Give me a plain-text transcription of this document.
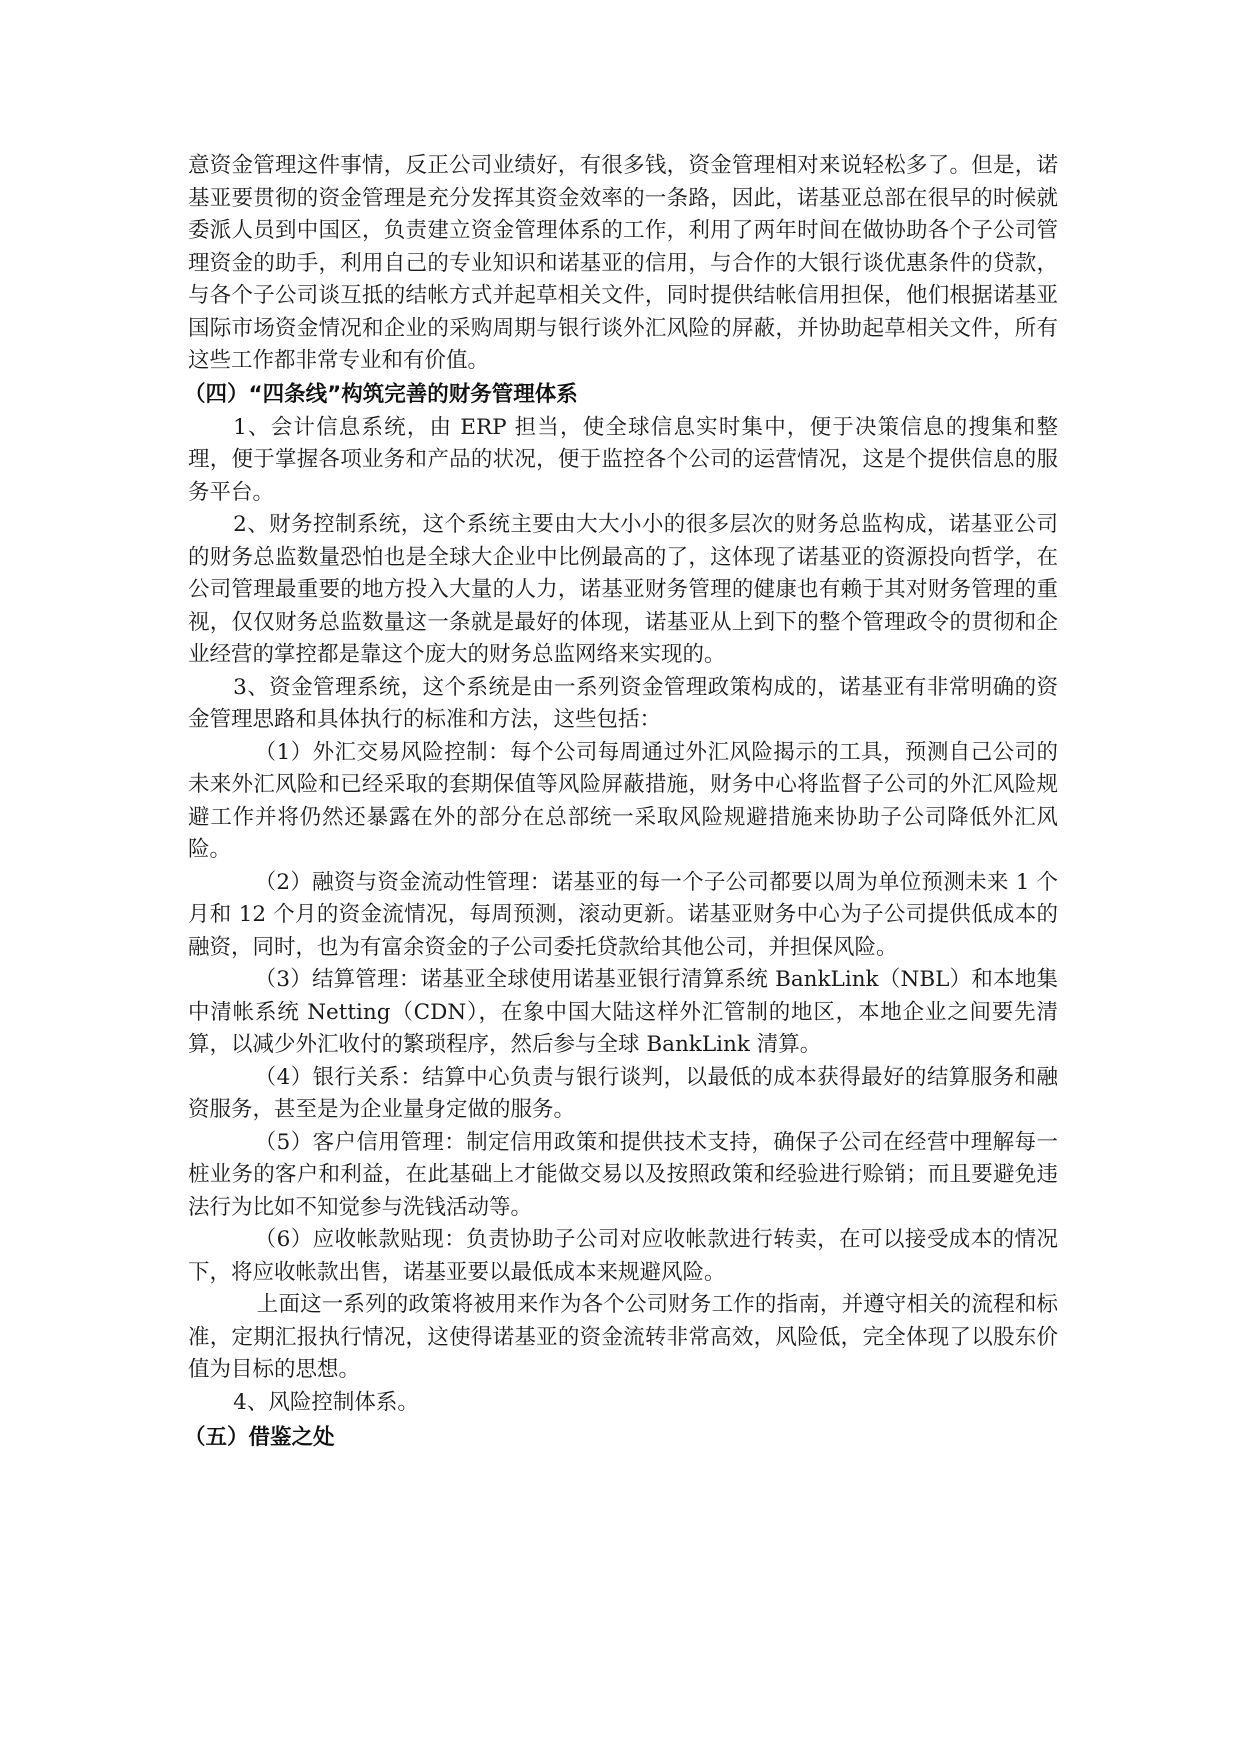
意资金管理这件事情，反正公司业绩好，有很多钱，资金管理相对来说轻松多了。但是，诺基亚要贯彻的资金管理是充分发挥其资金效率的一条路，因此，诺基亚总部在很早的时候就委派人员到中国区，负责建立资金管理体系的工作，利用了两年时间在做协助各个子公司管理资金的助手，利用自己的专业知识和诺基亚的信用，与合作的大银行谈优惠条件的贷款，与各个子公司谈互抵的结帐方式并起草相关文件，同时提供结帐信用担保，他们根据诺基亚国际市场资金情况和企业的采购周期与银行谈外汇风险的屏蔽，并协助起草相关文件，所有这些工作都非常专业和有价值。

（四）“四条线”构筑完善的财务管理体系

1、会计信息系统，由 ERP 担当，使全球信息实时集中，便于决策信息的搜集和整理，便于掌握各项业务和产品的状况，便于监控各个公司的运营情况，这是个提供信息的服务平台。

2、财务控制系统，这个系统主要由大大小小的很多层次的财务总监构成，诺基亚公司的财务总监数量恐怕也是全球大企业中比例最高的了，这体现了诺基亚的资源投向哲学，在公司管理最重要的地方投入大量的人力，诺基亚财务管理的健康也有赖于其对财务管理的重视，仅仅财务总监数量这一条就是最好的体现，诺基亚从上到下的整个管理政令的贯彻和企业经营的掌控都是靠这个庞大的财务总监网络来实现的。

3、资金管理系统，这个系统是由一系列资金管理政策构成的，诺基亚有非常明确的资金管理思路和具体执行的标准和方法，这些包括：

（1）外汇交易风险控制：每个公司每周通过外汇风险揭示的工具，预测自己公司的未来外汇风险和已经采取的套期保值等风险屏蔽措施，财务中心将监督子公司的外汇风险规避工作并将仍然还暴露在外的部分在总部统一采取风险规避措施来协助子公司降低外汇风险。

（2）融资与资金流动性管理：诺基亚的每一个子公司都要以周为单位预测未来 1 个月和 12 个月的资金流情况，每周预测，滚动更新。诺基亚财务中心为子公司提供低成本的融资，同时，也为有富余资金的子公司委托贷款给其他公司，并担保风险。

（3）结算管理：诺基亚全球使用诺基亚银行清算系统 BankLink（NBL）和本地集中清帐系统 Netting（CDN），在象中国大陆这样外汇管制的地区，本地企业之间要先清算，以减少外汇收付的繁琐程序，然后参与全球 BankLink 清算。

（4）银行关系：结算中心负责与银行谈判，以最低的成本获得最好的结算服务和融资服务，甚至是为企业量身定做的服务。

（5）客户信用管理：制定信用政策和提供技术支持，确保子公司在经营中理解每一桩业务的客户和利益，在此基础上才能做交易以及按照政策和经验进行赊销；而且要避免违法行为比如不知觉参与洗钱活动等。

（6）应收帐款贴现：负责协助子公司对应收帐款进行转卖，在可以接受成本的情况下，将应收帐款出售，诺基亚要以最低成本来规避风险。

上面这一系列的政策将被用来作为各个公司财务工作的指南，并遵守相关的流程和标准，定期汇报执行情况，这使得诺基亚的资金流转非常高效，风险低，完全体现了以股东价值为目标的思想。

4、风险控制体系。

（五）借鉴之处
